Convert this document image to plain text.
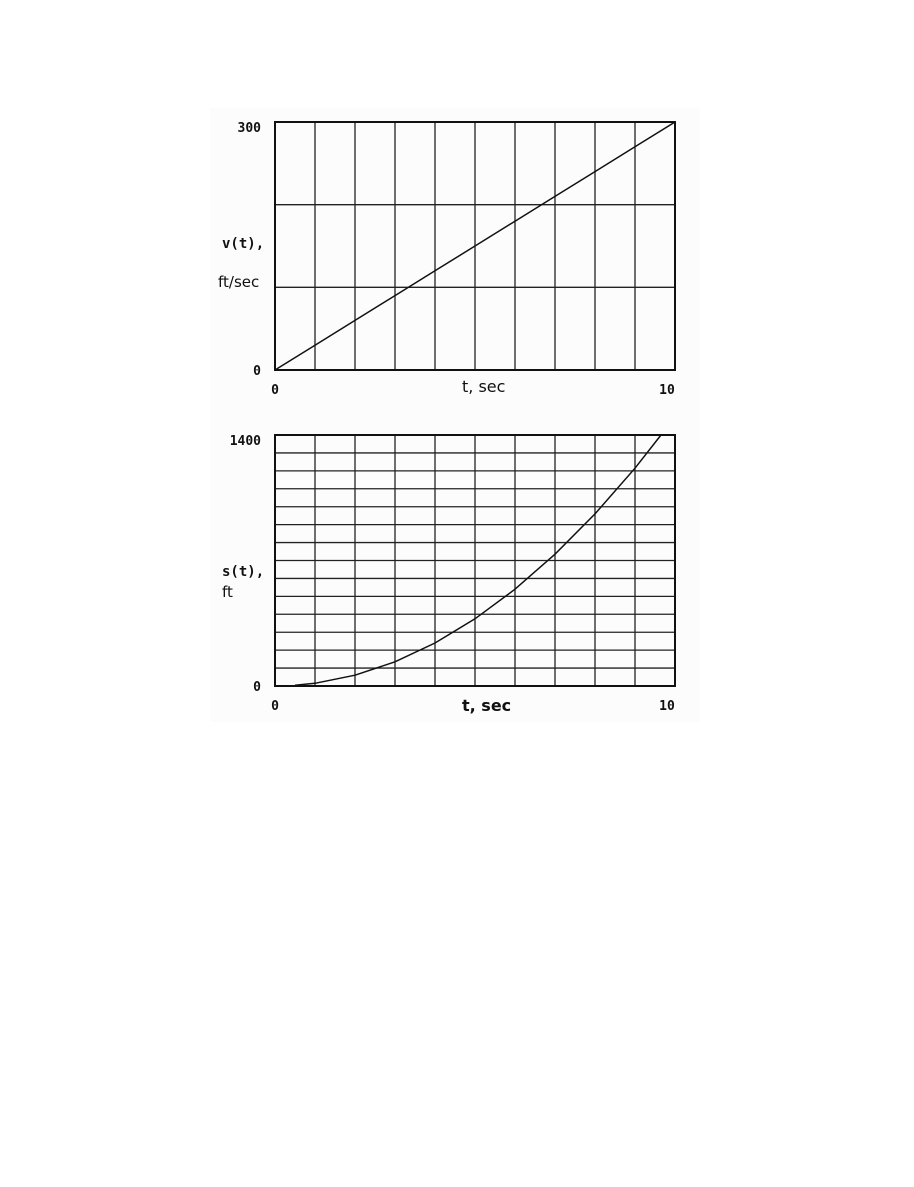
300
0
0	10
v(t),
ft/sec
t, sec
1400
0
0	10
s(t),
ft
t, sec
